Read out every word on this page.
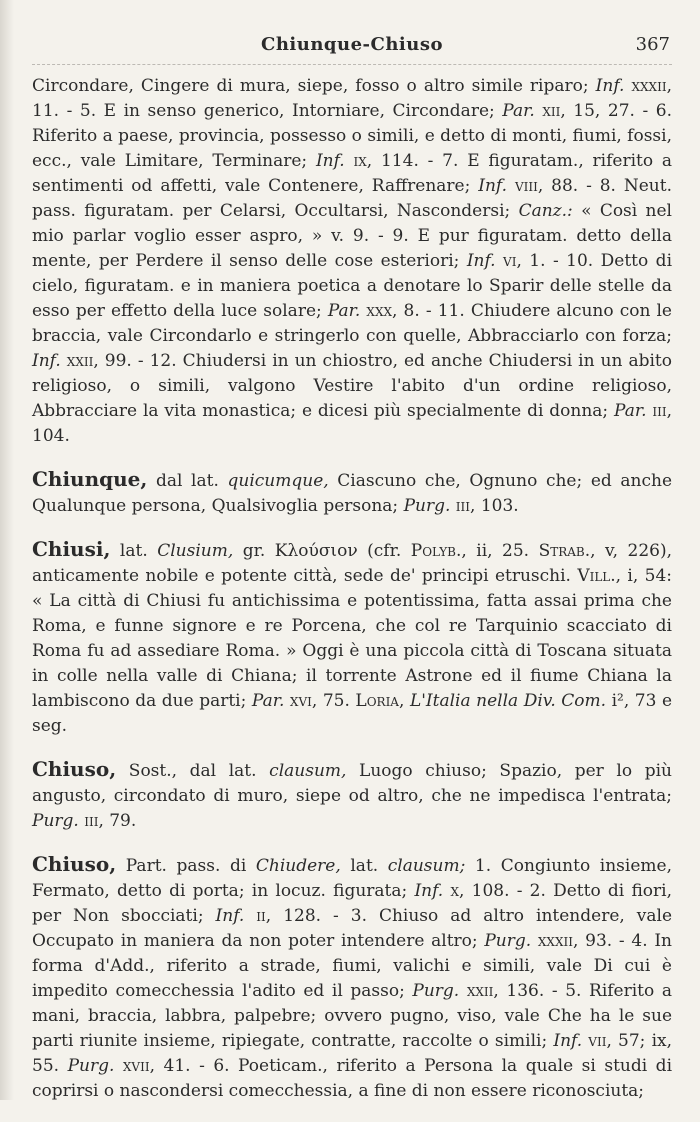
Chiunque-Chiuso	367

Circondare, Cingere di mura, siepe, fosso o altro simile riparo; Inf. xxxii, 11. - 5. E in senso generico, Intorniare, Circondare; Par. xii, 15, 27. - 6. Riferito a paese, provincia, possesso o simili, e detto di monti, fiumi, fossi, ecc., vale Limitare, Terminare; Inf. ix, 114. - 7. E figuratam., riferito a sentimenti od affetti, vale Contenere, Raffrenare; Inf. viii, 88. - 8. Neut. pass. figuratam. per Celarsi, Occultarsi, Nascondersi; Canz.: « Così nel mio parlar voglio esser aspro, » v. 9. - 9. E pur figuratam. detto della mente, per Perdere il senso delle cose esteriori; Inf. vi, 1. - 10. Detto di cielo, figuratam. e in maniera poetica a denotare lo Sparir delle stelle da esso per effetto della luce solare; Par. xxx, 8. - 11. Chiudere alcuno con le braccia, vale Circondarlo e stringerlo con quelle, Abbracciarlo con forza; Inf. xxii, 99. - 12. Chiudersi in un chiostro, ed anche Chiudersi in un abito religioso, o simili, valgono Vestire l'abito d'un ordine religioso, Abbracciare la vita monastica; e dicesi più specialmente di donna; Par. iii, 104.

Chiunque, dal lat. quicumque, Ciascuno che, Ognuno che; ed anche Qualunque persona, Qualsivoglia persona; Purg. iii, 103.

Chiusi, lat. Clusium, gr. Κλούσιον (cfr. Polyb., ii, 25. Strab., v, 226), anticamente nobile e potente città, sede de' principi etruschi. Vill., i, 54: « La città di Chiusi fu antichissima e potentissima, fatta assai prima che Roma, e funne signore e re Porcena, che col re Tarquinio scacciato di Roma fu ad assediare Roma. » Oggi è una piccola città di Toscana situata in colle nella valle di Chiana; il torrente Astrone ed il fiume Chiana la lambiscono da due parti; Par. xvi, 75. Loria, L'Italia nella Div. Com. i², 73 e seg.

Chiuso, Sost., dal lat. clausum, Luogo chiuso; Spazio, per lo più angusto, circondato di muro, siepe od altro, che ne impedisca l'entrata; Purg. iii, 79.

Chiuso, Part. pass. di Chiudere, lat. clausum; 1. Congiunto insieme, Fermato, detto di porta; in locuz. figurata; Inf. x, 108. - 2. Detto di fiori, per Non sbocciati; Inf. ii, 128. - 3. Chiuso ad altro intendere, vale Occupato in maniera da non poter intendere altro; Purg. xxxii, 93. - 4. In forma d'Add., riferito a strade, fiumi, valichi e simili, vale Di cui è impedito comecchessia l'adito ed il passo; Purg. xxii, 136. - 5. Riferito a mani, braccia, labbra, palpebre; ovvero pugno, viso, vale Che ha le sue parti riunite insieme, ripiegate, contratte, raccolte o simili; Inf. vii, 57; ix, 55. Purg. xvii, 41. - 6. Poeticam., riferito a Persona la quale si studi di coprirsi o nascondersi comecchessia, a fine di non essere riconosciuta;
